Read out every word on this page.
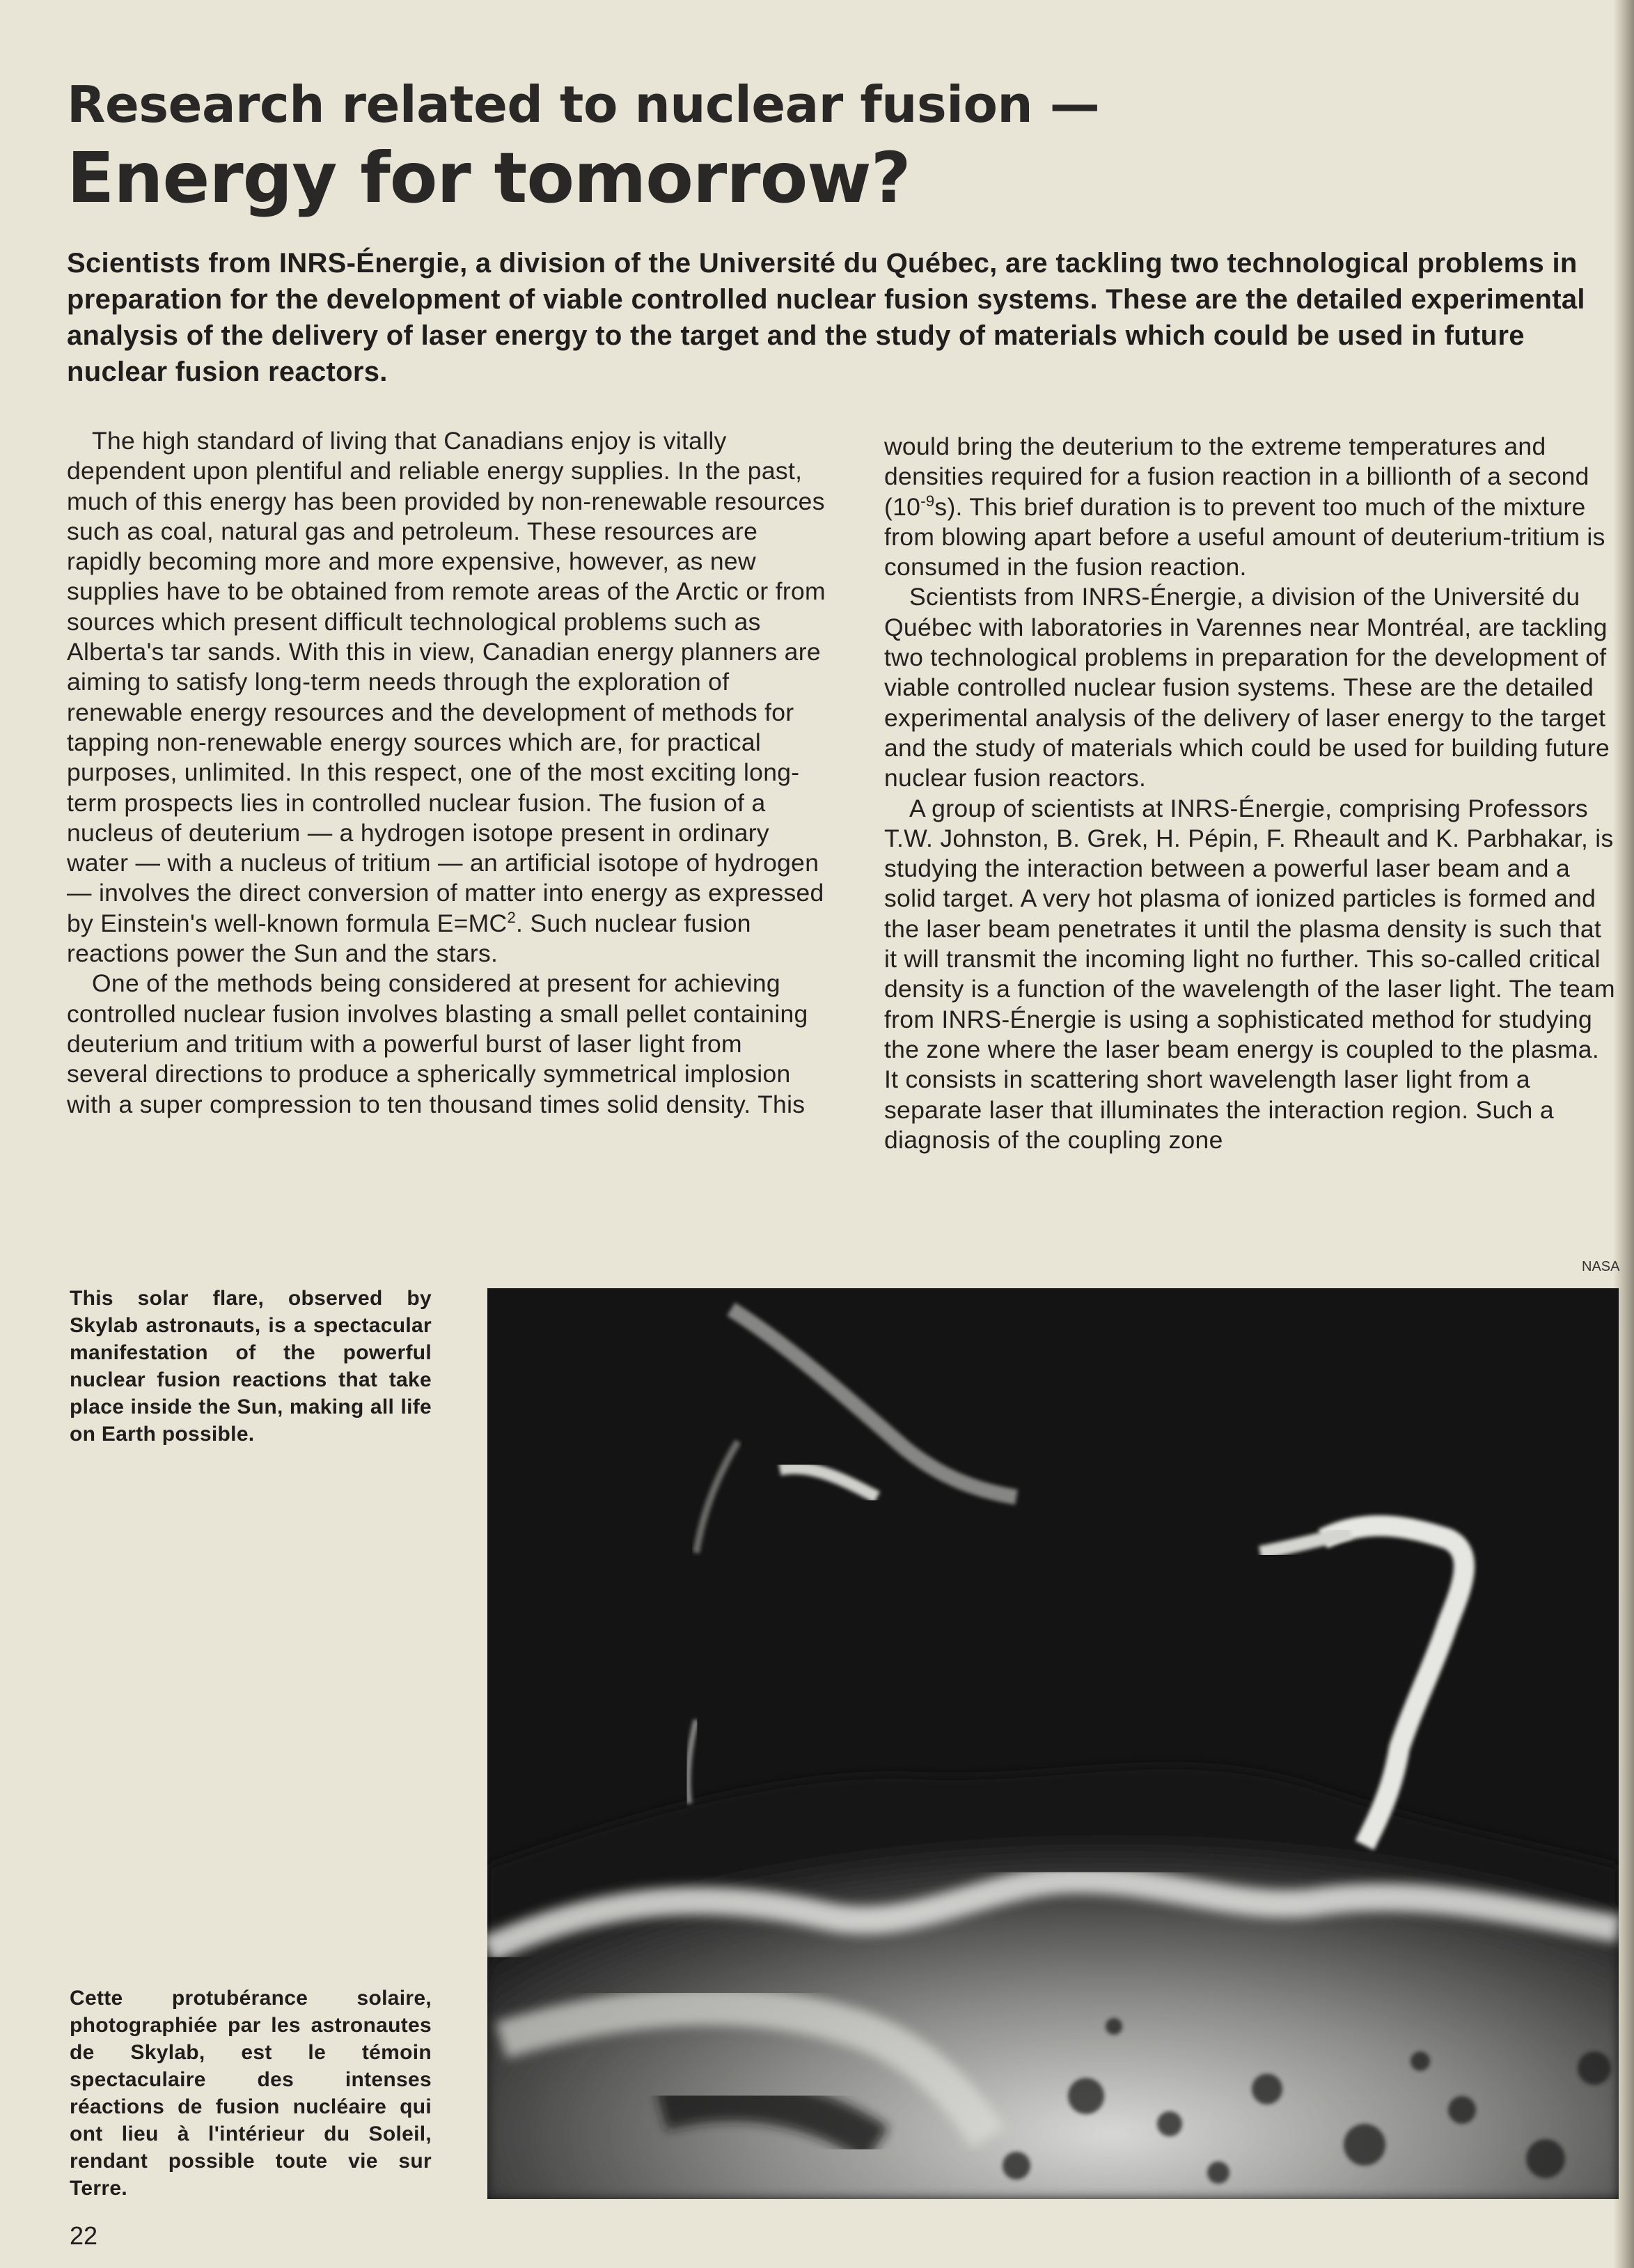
Research related to nuclear fusion —
Energy for tomorrow?
Scientists from INRS-Énergie, a division of the Université du Québec, are tackling two technological problems in preparation for the development of viable controlled nuclear fusion systems. These are the detailed experimental analysis of the delivery of laser energy to the target and the study of materials which could be used in future nuclear fusion reactors.

The high standard of living that Canadians enjoy is vitally dependent upon plentiful and reliable energy supplies. In the past, much of this energy has been provided by non-renewable resources such as coal, natural gas and petroleum. These resources are rapidly becoming more and more expensive, however, as new supplies have to be obtained from remote areas of the Arctic or from sources which present difficult technological problems such as Alberta's tar sands. With this in view, Canadian energy planners are aiming to satisfy long-term needs through the exploration of renewable energy resources and the development of methods for tapping non-renewable energy sources which are, for practical purposes, unlimited. In this respect, one of the most exciting long-term prospects lies in controlled nuclear fusion. The fusion of a nucleus of deuterium — a hydrogen isotope present in ordinary water — with a nucleus of tritium — an artificial isotope of hydrogen — involves the direct conversion of matter into energy as expressed by Einstein's well-known formula $E=MC^2$. Such nuclear fusion reactions power the Sun and the stars.

One of the methods being considered at present for achieving controlled nuclear fusion involves blasting a small pellet containing deuterium and tritium with a powerful burst of laser light from several directions to produce a spherically symmetrical implosion with a super compression to ten thousand times solid density. This

would bring the deuterium to the extreme temperatures and densities required for a fusion reaction in a billionth of a second $(10^{-9}s)$. This brief duration is to prevent too much of the mixture from blowing apart before a useful amount of deuterium-tritium is consumed in the fusion reaction.

Scientists from INRS-Énergie, a division of the Université du Québec with laboratories in Varennes near Montréal, are tackling two technological problems in preparation for the development of viable controlled nuclear fusion systems. These are the detailed experimental analysis of the delivery of laser energy to the target and the study of materials which could be used for building future nuclear fusion reactors.

A group of scientists at INRS-Énergie, comprising Professors T.W. Johnston, B. Grek, H. Pépin, F. Rheault and K. Parbhakar, is studying the interaction between a powerful laser beam and a solid target. A very hot plasma of ionized particles is formed and the laser beam penetrates it until the plasma density is such that it will transmit the incoming light no further. This so-called critical density is a function of the wavelength of the laser light. The team from INRS-Énergie is using a sophisticated method for studying the zone where the laser beam energy is coupled to the plasma. It consists in scattering short wavelength laser light from a separate laser that illuminates the interaction region. Such a diagnosis of the coupling zone

NASA
This solar flare, observed by Skylab astronauts, is a spectacular manifestation of the powerful nuclear fusion reactions that take place inside the Sun, making all life on Earth possible.
Cette protubérance solaire, photographiée par les astronautes de Skylab, est le témoin spectaculaire des intenses réactions de fusion nucléaire qui ont lieu à l'intérieur du Soleil, rendant possible toute vie sur Terre.
22
